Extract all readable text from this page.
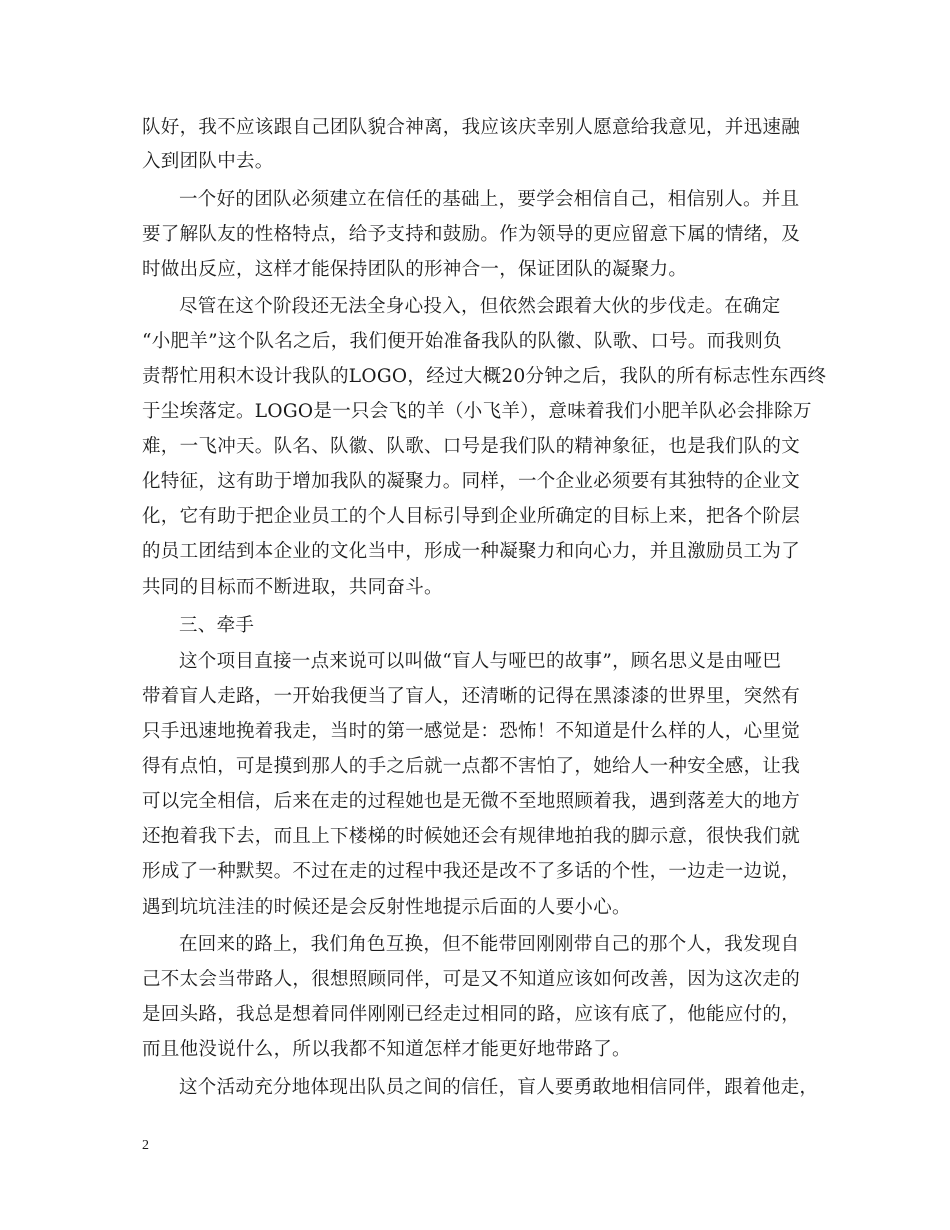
队好，我不应该跟自己团队貌合神离，我应该庆幸别人愿意给我意见，并迅速融
入到团队中去。
一个好的团队必须建立在信任的基础上，要学会相信自己，相信别人。并且
要了解队友的性格特点，给予支持和鼓励。作为领导的更应留意下属的情绪，及
时做出反应，这样才能保持团队的形神合一，保证团队的凝聚力。
尽管在这个阶段还无法全身心投入，但依然会跟着大伙的步伐走。在确定
“小肥羊”这个队名之后，我们便开始准备我队的队徽、队歌、口号。而我则负
责帮忙用积木设计我队的LOGO，经过大概20分钟之后，我队的所有标志性东西终
于尘埃落定。LOGO是一只会飞的羊（小飞羊），意味着我们小肥羊队必会排除万
难，一飞冲天。队名、队徽、队歌、口号是我们队的精神象征，也是我们队的文
化特征，这有助于增加我队的凝聚力。同样，一个企业必须要有其独特的企业文
化，它有助于把企业员工的个人目标引导到企业所确定的目标上来，把各个阶层
的员工团结到本企业的文化当中，形成一种凝聚力和向心力，并且激励员工为了
共同的目标而不断进取，共同奋斗。
三、牵手
这个项目直接一点来说可以叫做“盲人与哑巴的故事”，顾名思义是由哑巴
带着盲人走路，一开始我便当了盲人，还清晰的记得在黑漆漆的世界里，突然有
只手迅速地挽着我走，当时的第一感觉是：恐怖！不知道是什么样的人，心里觉
得有点怕，可是摸到那人的手之后就一点都不害怕了，她给人一种安全感，让我
可以完全相信，后来在走的过程她也是无微不至地照顾着我，遇到落差大的地方
还抱着我下去，而且上下楼梯的时候她还会有规律地拍我的脚示意，很快我们就
形成了一种默契。不过在走的过程中我还是改不了多话的个性，一边走一边说，
遇到坑坑洼洼的时候还是会反射性地提示后面的人要小心。
在回来的路上，我们角色互换，但不能带回刚刚带自己的那个人，我发现自
己不太会当带路人，很想照顾同伴，可是又不知道应该如何改善，因为这次走的
是回头路，我总是想着同伴刚刚已经走过相同的路，应该有底了，他能应付的，
而且他没说什么，所以我都不知道怎样才能更好地带路了。
这个活动充分地体现出队员之间的信任，盲人要勇敢地相信同伴，跟着他走，
2
